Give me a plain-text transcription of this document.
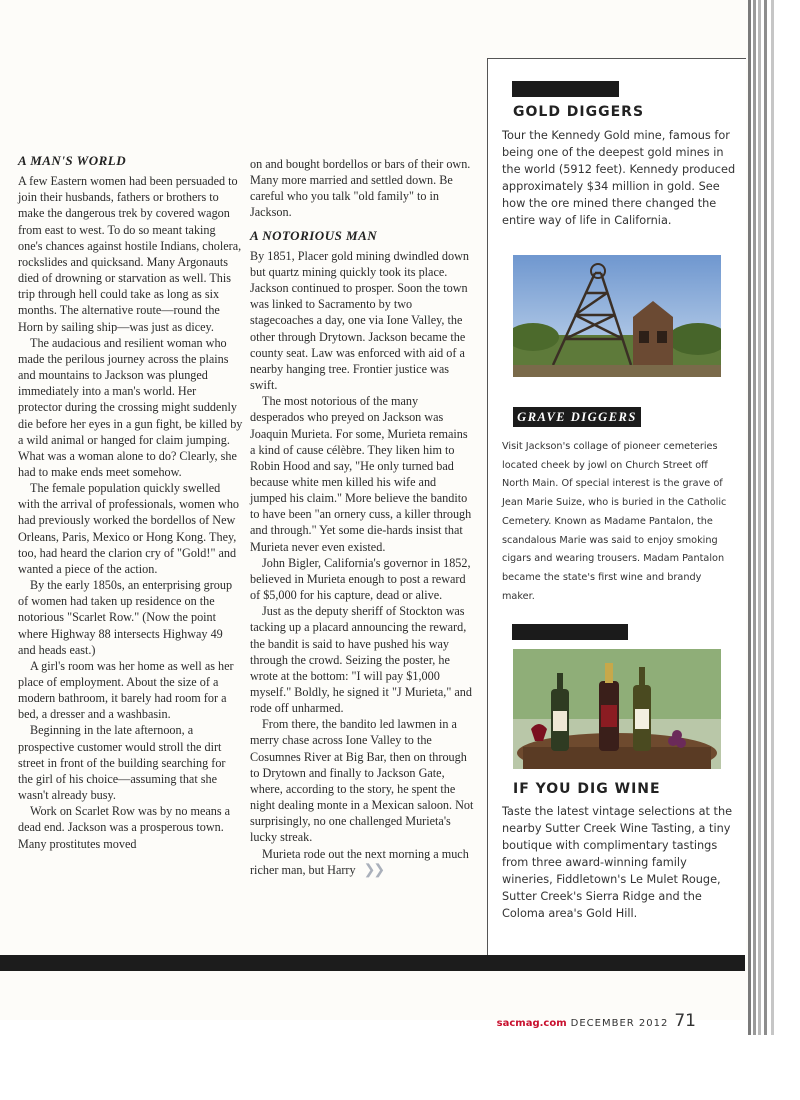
A MAN'S WORLD

A few Eastern women had been persuaded to join their husbands, fathers or brothers to make the dangerous trek by covered wagon from east to west. To do so meant taking one's chances against hostile Indians, cholera, rockslides and quicksand. Many Argonauts died of drowning or starvation as well. This trip through hell could take as long as six months. The alternative route—round the Horn by sailing ship—was just as dicey.

The audacious and resilient woman who made the perilous journey across the plains and mountains to Jackson was plunged immediately into a man's world. Her protector during the crossing might suddenly die before her eyes in a gun fight, be killed by a wild animal or hanged for claim jumping. What was a woman alone to do? Clearly, she had to make ends meet somehow.

The female population quickly swelled with the arrival of professionals, women who had previously worked the bordellos of New Orleans, Paris, Mexico or Hong Kong. They, too, had heard the clarion cry of "Gold!" and wanted a piece of the action.

By the early 1850s, an enterprising group of women had taken up residence on the notorious "Scarlet Row." (Now the point where Highway 88 intersects Highway 49 and heads east.)

A girl's room was her home as well as her place of employment. About the size of a modern bathroom, it barely had room for a bed, a dresser and a washbasin.

Beginning in the late afternoon, a prospective customer would stroll the dirt street in front of the building searching for the girl of his choice—assuming that she wasn't already busy.

Work on Scarlet Row was by no means a dead end. Jackson was a prosperous town. Many prostitutes moved

on and bought bordellos or bars of their own. Many more married and settled down. Be careful who you talk "old family" to in Jackson.

A NOTORIOUS MAN

By 1851, Placer gold mining dwindled down but quartz mining quickly took its place. Jackson continued to prosper. Soon the town was linked to Sacramento by two stagecoaches a day, one via Ione Valley, the other through Drytown. Jackson became the county seat. Law was enforced with aid of a nearby hanging tree. Frontier justice was swift.

The most notorious of the many desperados who preyed on Jackson was Joaquin Murieta. For some, Murieta remains a kind of cause célèbre. They liken him to Robin Hood and say, "He only turned bad because white men killed his wife and jumped his claim." More believe the bandito to have been "an ornery cuss, a killer through and through." Yet some die-hards insist that Murieta never even existed.

John Bigler, California's governor in 1852, believed in Murieta enough to post a reward of $5,000 for his capture, dead or alive.

Just as the deputy sheriff of Stockton was tacking up a placard announcing the reward, the bandit is said to have pushed his way through the crowd. Seizing the poster, he wrote at the bottom: "I will pay $1,000 myself." Boldly, he signed it "J Murieta," and rode off unharmed.

From there, the bandito led lawmen in a merry chase across Ione Valley to the Cosumnes River at Big Bar, then on through to Drytown and finally to Jackson Gate, where, according to the story, he spent the night dealing monte in a Mexican saloon. Not surprisingly, no one challenged Murieta's lucky streak.

Murieta rode out the next morning a much richer man, but Harry ❯❯

GOLD DIGGERS
Tour the Kennedy Gold mine, famous for being one of the deepest gold mines in the world (5912 feet). Kennedy produced approximately $34 million in gold. See how the ore mined there changed the entire way of life in California.
GRAVE DIGGERS
Visit Jackson's collage of pioneer cemeteries located cheek by jowl on Church Street off North Main. Of special interest is the grave of Jean Marie Suize, who is buried in the Catholic Cemetery. Known as Madame Pantalon, the scandalous Marie was said to enjoy smoking cigars and wearing trousers. Madam Pantalon became the state's first wine and brandy maker.
IF YOU DIG WINE
Taste the latest vintage selections at the nearby Sutter Creek Wine Tasting, a tiny boutique with complimentary tastings from three award-winning family wineries, Fiddletown's Le Mulet Rouge, Sutter Creek's Sierra Ridge and the Coloma area's Gold Hill.
sacmag.com DECEMBER 2012 71
